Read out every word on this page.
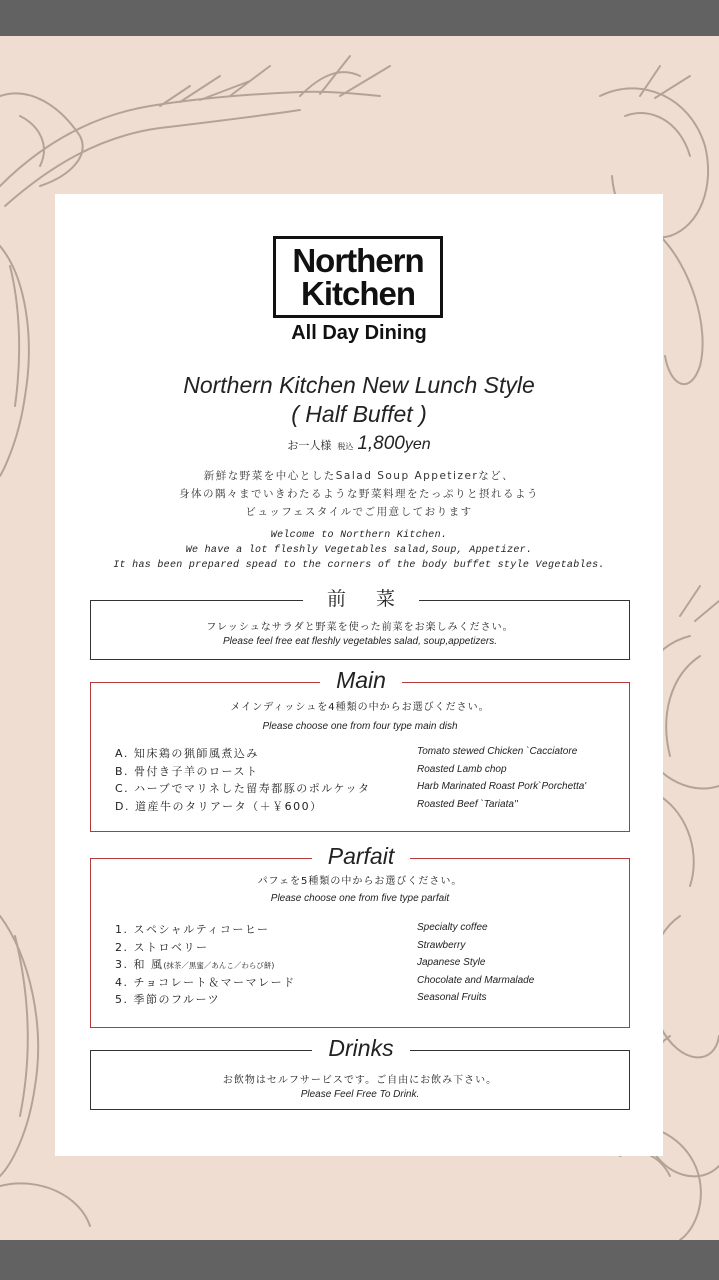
Northern
Kitchen
All Day Dining
Northern Kitchen New Lunch Style
( Half Buffet )
お一人様 税込 1,800yen
新鮮な野菜を中心としたSalad Soup Appetizerなど、
身体の隅々までいきわたるような野菜料理をたっぷりと摂れるよう
ビュッフェスタイルでご用意しております
Welcome to Northern Kitchen.
We have a lot fleshly Vegetables salad,Soup, Appetizer.
It has been prepared spead to the corners of the body buffet style Vegetables.
前 菜
フレッシュなサラダと野菜を使った前菜をお楽しみください。
Please feel free eat fleshly vegetables salad, soup,appetizers.
Main
メインディッシュを4種類の中からお選びください。
Please choose one from four type main dish
A. 知床鶏の猟師風煮込み	Tomato stewed Chicken `Cacciatore
B. 骨付き子羊のロースト	Roasted Lamb chop
C. ハーブでマリネした留寿都豚のポルケッタ	Harb Marinated Roast Pork`Porchetta'
D. 道産牛のタリアータ（＋￥600）	Roasted Beef `Tariata''
Parfait
パフェを5種類の中からお選びください。
Please choose one from five type parfait
1. スペシャルティコーヒー	Specialty coffee
2. ストロベリー	Strawberry
3. 和 風(抹茶／黒蜜／あんこ／わらび餅)	Japanese Style
4. チョコレート＆マーマレード	Chocolate and Marmalade
5. 季節のフルーツ	Seasonal Fruits
Drinks
お飲物はセルフサービスです。ご自由にお飲み下さい。
Please Feel Free To Drink.
